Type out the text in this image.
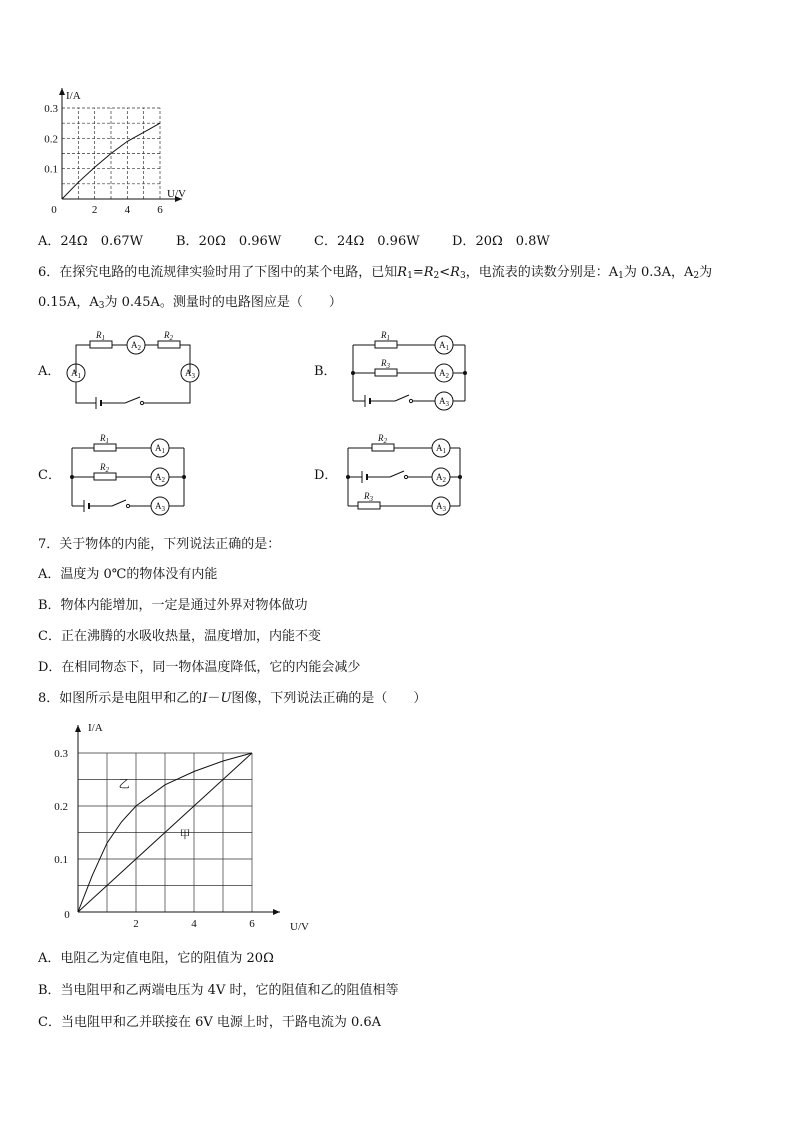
2 4 6
0.1
0.2
0.3
0
I/A
U/V
A．24Ω　0.67W	B．20Ω　0.96W	C．24Ω　0.96W D．20Ω　0.8W
6．在探究电路的电流规律实验时用了下图中的某个电路，已知$R_1=R_2<R_3$，电流表的读数分别是：$A_1$为 0.3A，$A_2$为
0.15A，$A_3$为 0.45A。测量时的电路图应是（　　）
A．	B．
C．	D．
$R_1$	$R_2$
$A_2$
$A_1$	$A_3$
$R_1$
$R_3$
$A_1$
$A_2$
$A_3$
$R_1$
$R_2$
$A_1$
$A_2$
$A_3$
$R_2$
$R_3$
$A_1$
$A_2$
$A_3$
7．关于物体的内能，下列说法正确的是：
A．温度为 0℃的物体没有内能
B．物体内能增加，一定是通过外界对物体做功
C．正在沸腾的水吸收热量，温度增加，内能不变
D．在相同物态下，同一物体温度降低，它的内能会减少
8．如图所示是电阻甲和乙的I－U图像，下列说法正确的是（　　）
2	4	6
0.1
0.2
0.3
0
I/A
U/V
甲
乙
A．电阻乙为定值电阻，它的阻值为 20Ω
B．当电阻甲和乙两端电压为 4V 时，它的阻值和乙的阻值相等
C．当电阻甲和乙并联接在 6V 电源上时，干路电流为 0.6A
